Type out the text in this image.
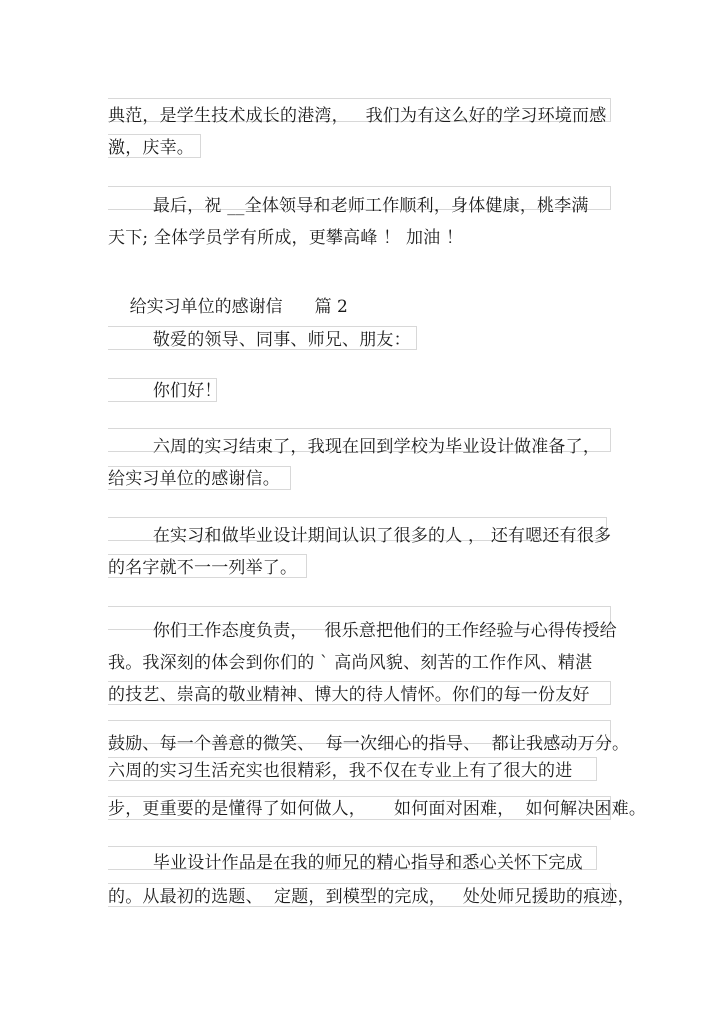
典范，是学生技术成长的港湾，   我们为有这么好的学习环境而感
激，庆幸。
最后，祝 __全体领导和老师工作顺利，身体健康，桃李满
天下; 全体学员学有所成，更攀高峰 ！ 加油 ！

给实习单位的感谢信 篇 2

敬爱的领导、同事、师兄、朋友：
你们好！
六周的实习结束了，我现在回到学校为毕业设计做准备了，
给实习单位的感谢信。
在实习和做毕业设计期间认识了很多的人 ， 还有嗯还有很多
的名字就不一一列举了。
你们工作态度负责，   很乐意把他们的工作经验与心得传授给
我。我深刻的体会到你们的 ` 高尚风貌、刻苦的工作作风、精湛
的技艺、崇高的敬业精神、博大的待人情怀。你们的每一份友好
鼓励、每一个善意的微笑、  每一次细心的指导、  都让我感动万分。
六周的实习生活充实也很精彩，我不仅在专业上有了很大的进
步，更重要的是懂得了如何做人，     如何面对困难，  如何解决困难。
毕业设计作品是在我的师兄的精心指导和悉心关怀下完成
的。从最初的选题、  定题，到模型的完成，   处处师兄援助的痕迹，
